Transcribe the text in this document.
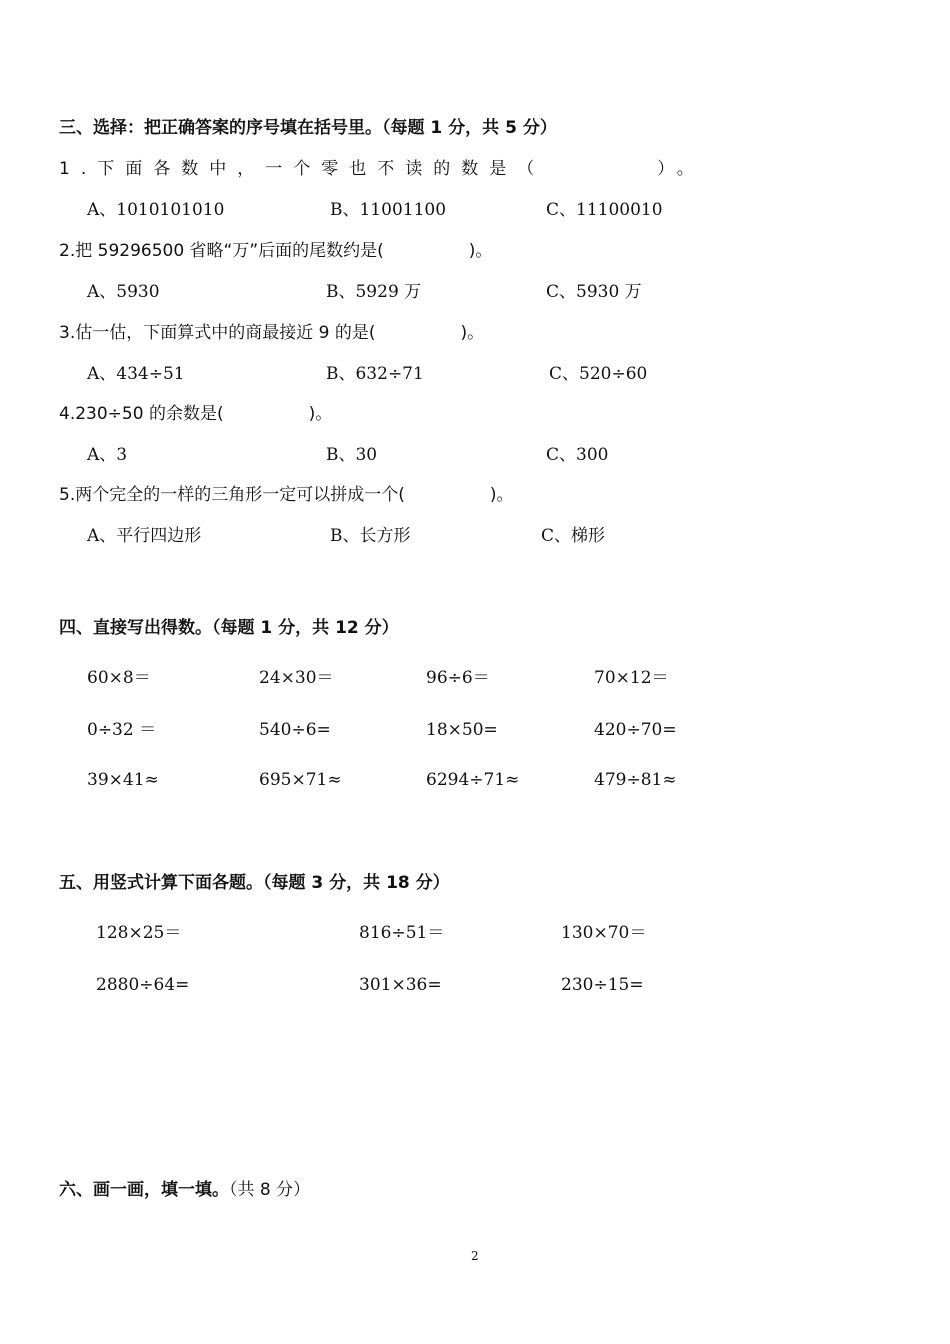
三、选择：把正确答案的序号填在括号里。（每题 1 分，共 5 分）
1.下面各数中，一个零也不读的数是（　　　　）。
A、1010101010	B、11001100	C、11100010
2.把 59296500 省略“万”后面的尾数约是(　　　　　)。
A、5930	B、5929 万	C、5930 万
3.估一估，下面算式中的商最接近 9 的是(　　　　　)。
A、434÷51	B、632÷71	C、520÷60
4.230÷50 的余数是(　　　　　)。
A、3	B、30	C、300
5.两个完全的一样的三角形一定可以拼成一个(　　　　　)。
A、平行四边形	B、长方形	C、梯形
四、直接写出得数。（每题 1 分，共 12 分）
60×8＝	24×30＝	96÷6＝	70×12＝
0÷32 ＝	540÷6=	18×50=	420÷70=
39×41≈	695×71≈	6294÷71≈	479÷81≈
五、用竖式计算下面各题。（每题 3 分，共 18 分）
128×25＝	816÷51＝	130×70＝
2880÷64=	301×36=	230÷15=
六、画一画，填一填。（共 8 分）
2
